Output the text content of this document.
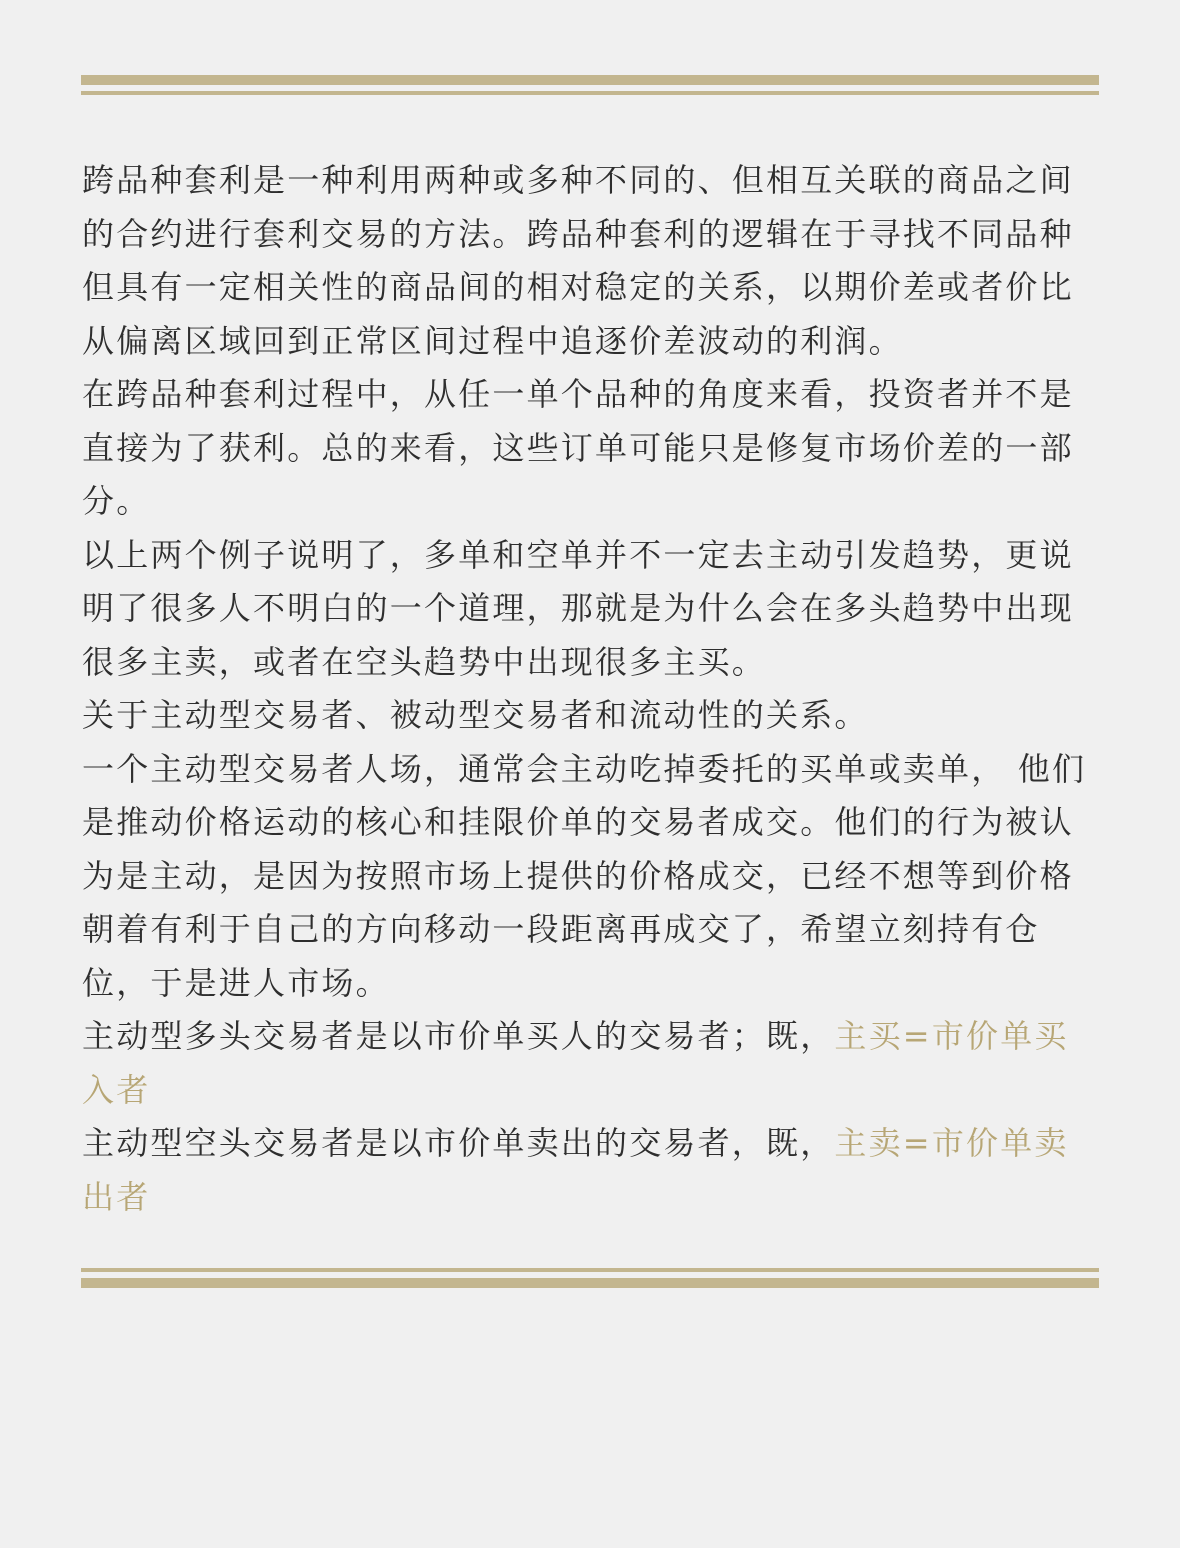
跨品种套利是一种利用两种或多种不同的、但相互关联的商品之间的合约进行套利交易的方法。跨品种套利的逻辑在于寻找不同品种但具有一定相关性的商品间的相对稳定的关系，以期价差或者价比从偏离区域回到正常区间过程中追逐价差波动的利润。

在跨品种套利过程中，从任一单个品种的角度来看，投资者并不是直接为了获利。总的来看，这些订单可能只是修复市场价差的一部分。

以上两个例子说明了，多单和空单并不一定去主动引发趋势，更说明了很多人不明白的一个道理，那就是为什么会在多头趋势中出现很多主卖，或者在空头趋势中出现很多主买。

关于主动型交易者、被动型交易者和流动性的关系。

一个主动型交易者人场，通常会主动吃掉委托的买单或卖单， 他们是推动价格运动的核心和挂限价单的交易者成交。他们的行为被认为是主动，是因为按照市场上提供的价格成交，已经不想等到价格朝着有利于自己的方向移动一段距离再成交了，希望立刻持有仓位，于是进人市场。

主动型多头交易者是以市价单买人的交易者；既，主买=市价单买入者

主动型空头交易者是以市价单卖出的交易者，既，主卖=市价单卖出者
